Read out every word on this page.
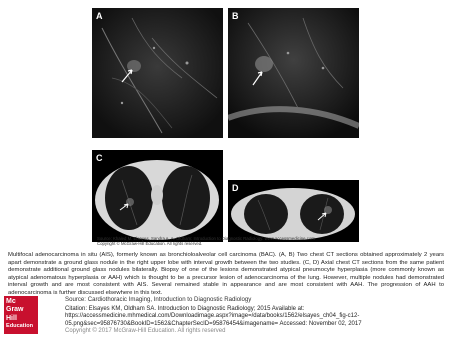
A	B
C
D
Source: Khaled M. Elsayes, Sandra A. A. Oldham: Introduction to Diagnostic Radiology: www.accessmedicine.com
Copyright © McGraw-Hill Education. All rights reserved.
Multifocal adenocarcinoma in situ (AIS), formerly known as bronchioloalveolar cell carcinoma (BAC). (A, B) Two chest CT sections obtained approximately 2 years apart demonstrate a ground glass nodule in the right upper lobe with interval growth between the two studies. (C, D) Axial chest CT sections from the same patient demonstrate additional ground glass nodules bilaterally. Biopsy of one of the lesions demonstrated atypical pneumocyte hyperplasia (more commonly known as atypical adenomatous hyperplasia or AAH) which is thought to be a precursor lesion of adenocarcinoma of the lung. However, multiple nodules had demonstrated interval growth and are most consistent with AIS. Several remained stable in appearance and are most consistent with AAH. The progression of AAH to adenocarcinoma is further discussed elsewhere in this text.
Mc
Graw
Hill

Education
Source: Cardiothoracic Imaging, Introduction to Diagnostic Radiology
Citation: Elsayes KM, Oldham SA. Introduction to Diagnostic Radiology; 2015 Available at: https://accessmedicine.mhmedical.com/Downloadimage.aspx?image=/data/books/1562/elsayes_ch04_fig-c12-05.png&sec=95876730&BookID=1562&ChapterSecID=95876454&imagename= Accessed: November 02, 2017
Copyright © 2017 McGraw-Hill Education. All rights reserved
